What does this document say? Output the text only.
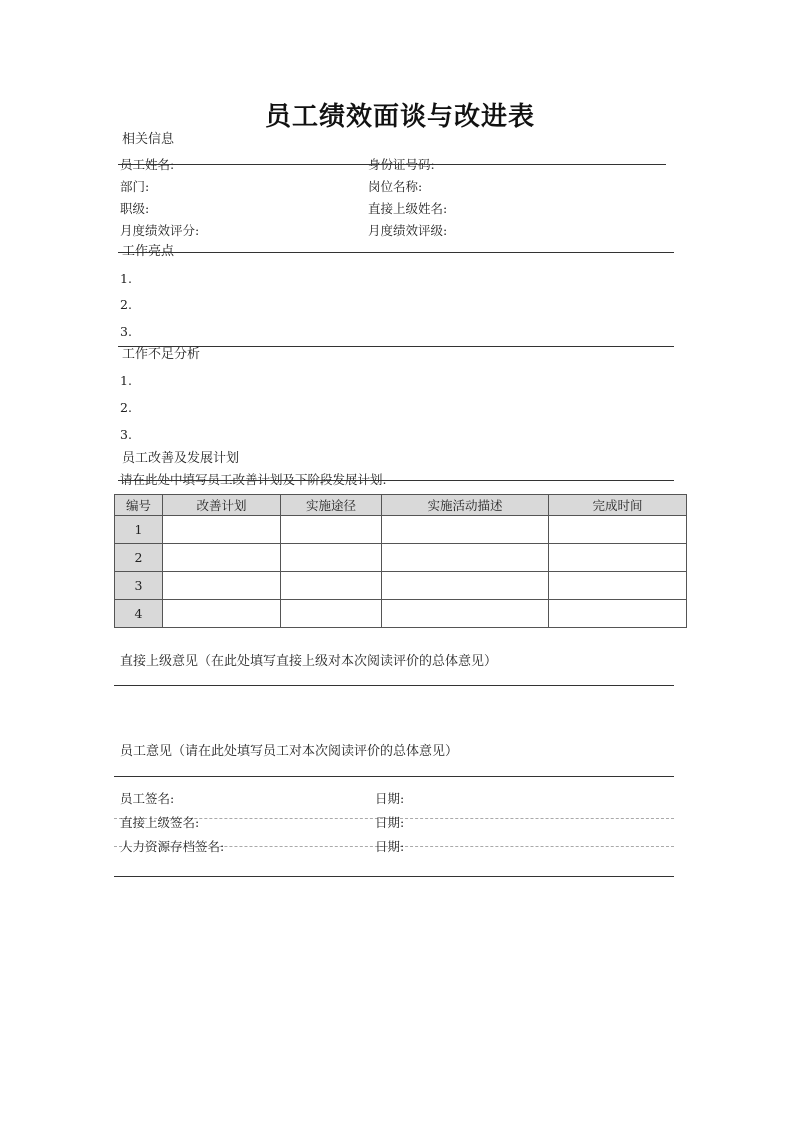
员工绩效面谈与改进表
相关信息
员工姓名:	身份证号码:
部门:	岗位名称:
职级:	直接上级姓名:
月度绩效评分:	月度绩效评级:
工作亮点
1.
2.
3.
工作不足分析
1.
2.
3.
员工改善及发展计划
请在此处中填写员工改善计划及下阶段发展计划.
编号	改善计划	实施途径	实施活动描述	完成时间
1				
2				
3				
4				
直接上级意见（在此处填写直接上级对本次阅读评价的总体意见）
员工意见（请在此处填写员工对本次阅读评价的总体意见）
员工签名:	日期:
直接上级签名:	日期:
人力资源存档签名:	日期:
